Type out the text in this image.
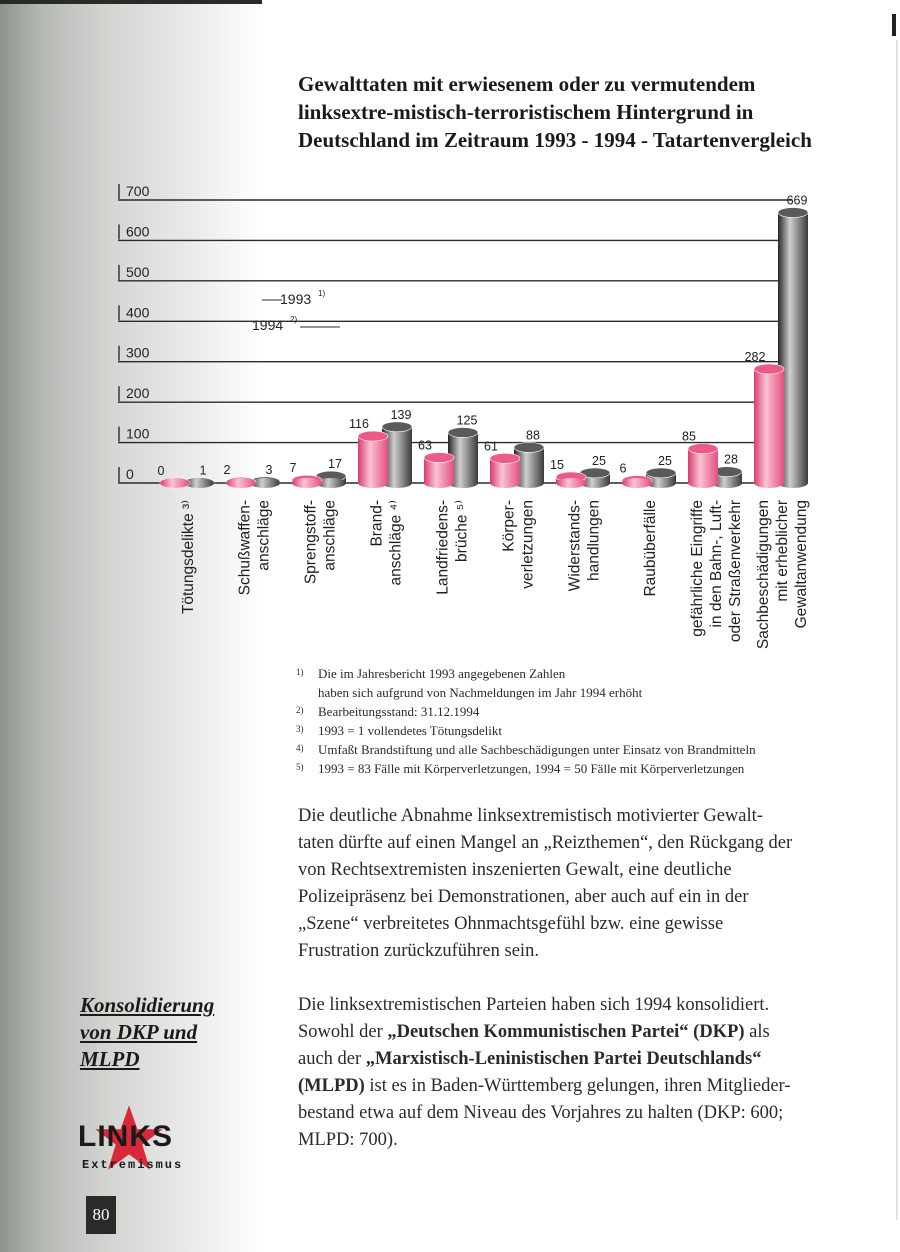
Gewalttaten mit erwiesenem oder zu vermutendem linksextre-mistisch-terroristischem Hintergrund in Deutschland im Zeitraum 1993 - 1994 - Tatartenvergleich
0
100
200
300
400
500
600
700
0	1
Tötungsdelikte ³⁾
2	3
Schußwaffen- anschläge
7	17
Sprengstoff- anschläge
116
139
Brand- anschläge ⁴⁾
63
125
Landfriedens- brüche ⁵⁾
61
88
Körper- verletzungen
15 25
Widerstands- handlungen
6
25
Raubüberfälle
85
28
gefährliche Eingriffe in den Bahn-, Luft- oder Straßenverkehr
282
669
Sachbeschädigungen mit erheblicher Gewaltanwendung
1993 1)
1994 2)
1) Die im Jahresbericht 1993 angegebenen Zahlen
haben sich aufgrund von Nachmeldungen im Jahr 1994 erhöht
2) Bearbeitungsstand: 31.12.1994
3) 1993 = 1 vollendetes Tötungsdelikt
4) Umfaßt Brandstiftung und alle Sachbeschädigungen unter Einsatz von Brandmitteln
5) 1993 = 83 Fälle mit Körperverletzungen, 1994 = 50 Fälle mit Körperverletzungen

Die deutliche Abnahme linksextremistisch motivierter Gewalt-taten dürfte auf einen Mangel an „Reizthemen“, den Rückgang der von Rechtsextremisten inszenierten Gewalt, eine deutliche Polizeipräsenz bei Demonstrationen, aber auch auf ein in der „Szene“ verbreitetes Ohnmachtsgefühl bzw. eine gewisse Frustration zurückzuführen sein.

Die linksextremistischen Parteien haben sich 1994 konsolidiert. Sowohl der „Deutschen Kommunistischen Partei“ (DKP) als auch der „Marxistisch-Leninistischen Partei Deutschlands“ (MLPD) ist es in Baden-Württemberg gelungen, ihren Mitglieder-bestand etwa auf dem Niveau des Vorjahres zu halten (DKP: 600; MLPD: 700).

Konsolidierung
von DKP und
MLPD
LINKS
Extremismus
80
